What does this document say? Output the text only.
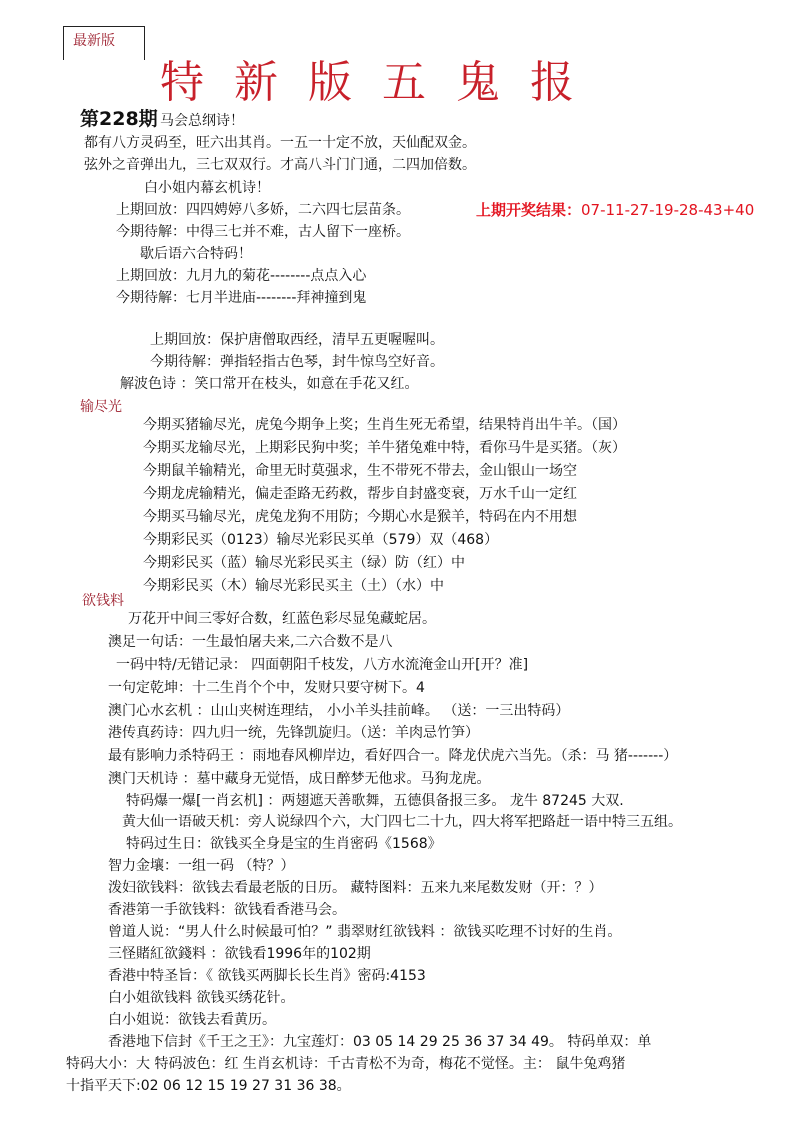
最新版
特新版五鬼报
第228期 马会总纲诗！
都有八方灵码至，旺六出其肖。一五一十定不放，天仙配双金。
弦外之音弹出九，三七双双行。才高八斗门门通，二四加倍数。
白小姐内幕玄机诗！
上期回放：四四娉婷八多娇，二六四七层苗条。	上期开奖结果：07-11-27-19-28-43+40
今期待解：中得三七并不难，古人留下一座桥。
歇后语六合特码！
上期回放：九月九的菊花--------点点入心
今期待解：七月半进庙--------拜神撞到鬼
上期回放：保护唐僧取西经，清早五更喔喔叫。
今期待解：弹指轻指古色琴，封牛惊鸟空好音。
解波色诗 ：笑口常开在枝头，如意在手花又红。
输尽光
今期买猪输尽光，虎兔今期争上奖；生肖生死无希望，结果特肖出牛羊。（国）
今期买龙输尽光，上期彩民狗中奖；羊牛猪兔难中特，看你马牛是买猪。（灰）
今期鼠羊输精光，命里无时莫强求，生不带死不带去，金山银山一场空
今期龙虎输精光，偏走歪路无药救，帮步自封盛变衰，万水千山一定红
今期买马输尽光，虎兔龙狗不用防；今期心水是猴羊，特码在内不用想
今期彩民买（0123）输尽光彩民买单（579）双（468）
今期彩民买（蓝）输尽光彩民买主（绿）防（红）中
今期彩民买（木）输尽光彩民买主（土）（水）中
欲钱料
万花开中间三零好合数，红蓝色彩尽显兔藏蛇居。
澳足一句话：一生最怕屠夫来,二六合数不是八
一码中特/无错记录： 四面朝阳千枝发，八方水流淹金山开[开？准]
一句定乾坤：十二生肖个个中，发财只要守树下。4
澳门心水玄机 ：山山夹树连理结， 小小羊头挂前峰。 （送：一三出特码）
港传真药诗：四九归一统，先锋凯旋归。（送：羊肉忌竹笋）
最有影响力杀特码王 ：雨地春风柳岸边，看好四合一。降龙伏虎六当先。（杀：马 猪-------）
澳门天机诗 ：墓中藏身无觉悟，成日醉梦无他求。马狗龙虎。
特码爆一爆[一肖玄机] ：两翅遮天善歌舞，五德俱备报三多。 龙牛 87245 大双.
黄大仙一语破天机：旁人说绿四个六，大门四七二十九，四大将军把路赶一语中特三五组。
特码过生日：欲钱买全身是宝的生肖密码《1568》
智力金壤：一组一码 （特？）
泼妇欲钱料：欲钱去看最老版的日历。 藏特图料：五来九来尾数发财（开：？）
香港第一手欲钱料：欲钱看香港马会。
曾道人说：“男人什么时候最可怕？” 翡翠财红欲钱料 ：欲钱买吃理不讨好的生肖。
三怪賭紅欲錢料 ：欲钱看1996年的102期
香港中特圣旨：《 欲钱买两脚长长生肖》密码:4153
白小姐欲钱料 欲钱买绣花针。
白小姐说：欲钱去看黄历。
香港地下信封《千王之王》：九宝莲灯：03 05 14 29 25 36 37 34 49。 特码单双：单
特码大小：大 特码波色：红 生肖玄机诗：千古青松不为奇，梅花不觉怪。主： 鼠牛兔鸡猪
十指平天下:02 06 12 15 19 27 31 36 38。
